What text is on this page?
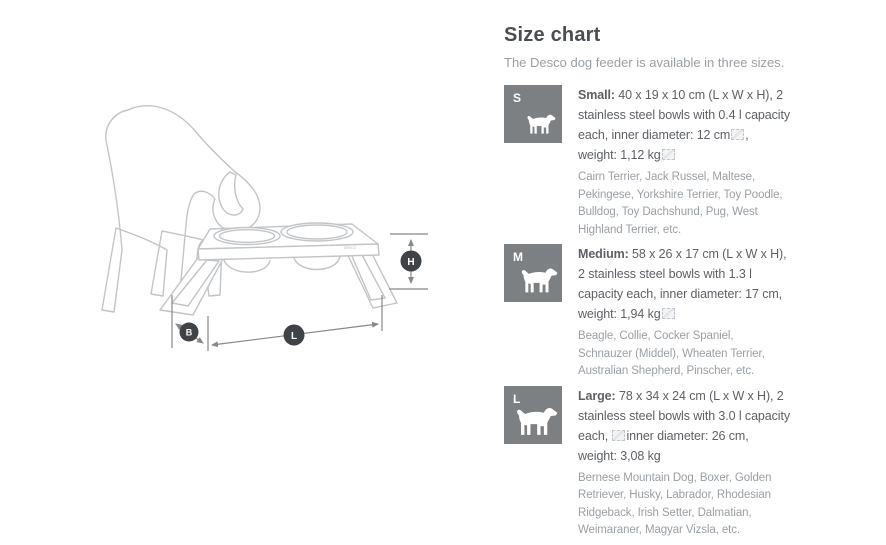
desco
H
B	L
Size chart

The Desco dog feeder is available in three sizes.

S	Small: 40 x 19 x 10 cm (L x W x H), 2 stainless steel bowls with 0.4 l capacity each, inner diameter: 12 cm , weight: 1,12 kg

Cairn Terrier, Jack Russel, Maltese, Pekingese, Yorkshire Terrier, Toy Poodle, Bulldog, Toy Dachshund, Pug, West Highland Terrier, etc.

M	Medium: 58 x 26 x 17 cm (L x W x H), 2 stainless steel bowls with 1.3 l capacity each, inner diameter: 17 cm, weight: 1,94 kg

Beagle, Collie, Cocker Spaniel, Schnauzer (Middel), Wheaten Terrier, Australian Shepherd, Pinscher, etc.

L	Large: 78 x 34 x 24 cm (L x W x H), 2 stainless steel bowls with 3.0 l capacity each, inner diameter: 26 cm, weight: 3,08 kg

Bernese Mountain Dog, Boxer, Golden Retriever, Husky, Labrador, Rhodesian Ridgeback, Irish Setter, Dalmatian, Weimaraner, Magyar Vizsla, etc.
